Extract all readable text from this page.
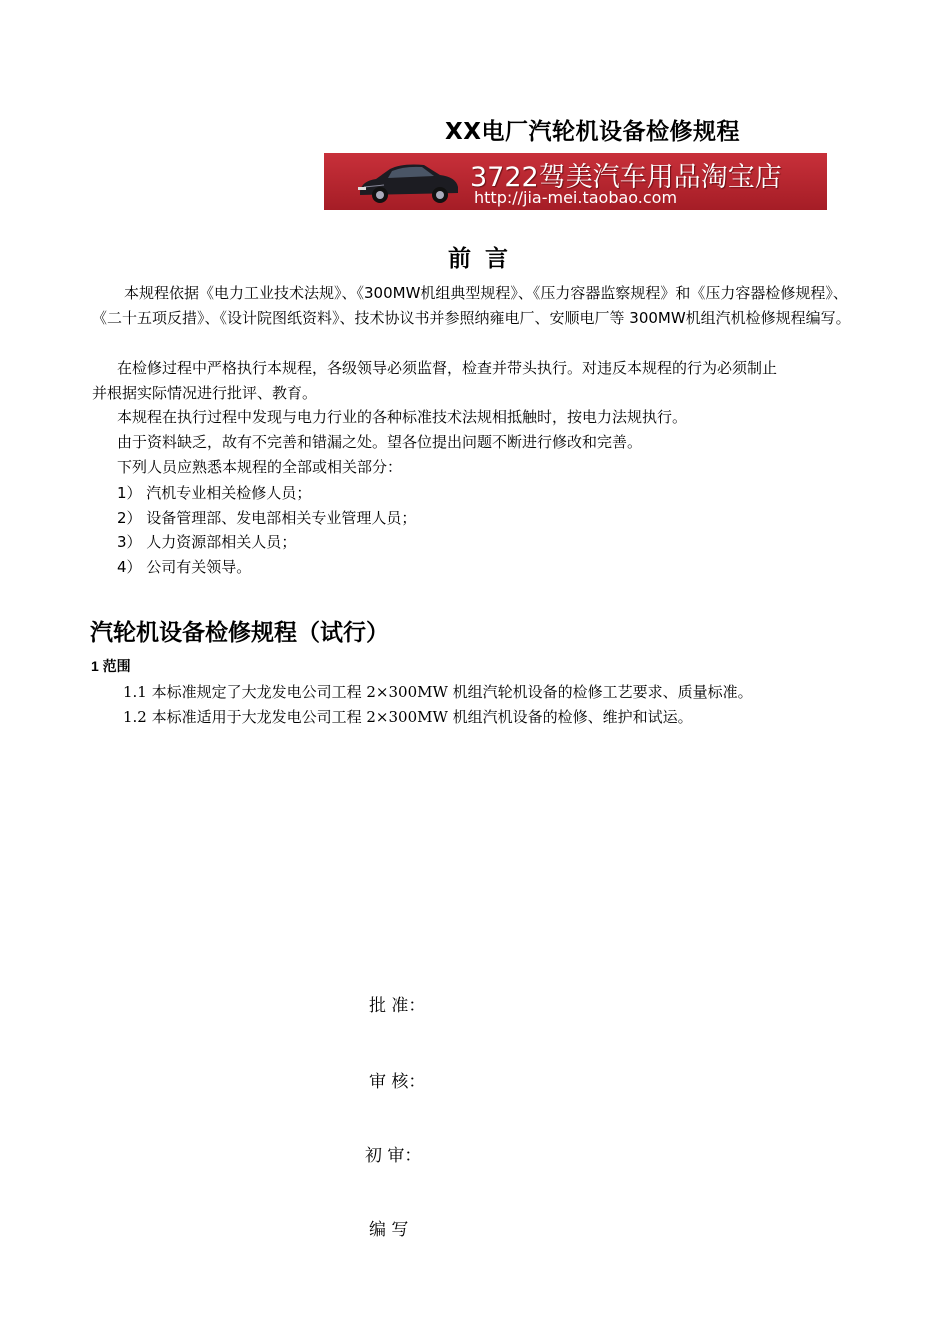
XX电厂汽轮机设备检修规程
3722驾美汽车用品淘宝店
http://jia-mei.taobao.com
前言
本规程依据《电力工业技术法规》、《300MW机组典型规程》、《压力容器监察规程》和《压力容器检修规程》、《二十五项反措》、《设计院图纸资料》、技术协议书并参照纳雍电厂、安顺电厂等 300MW机组汽机检修规程编写。
在检修过程中严格执行本规程，各级领导必须监督，检查并带头执行。对违反本规程的行为必须制止
并根据实际情况进行批评、教育。
本规程在执行过程中发现与电力行业的各种标准技术法规相抵触时，按电力法规执行。
由于资料缺乏，故有不完善和错漏之处。望各位提出问题不断进行修改和完善。
下列人员应熟悉本规程的全部或相关部分：
1） 汽机专业相关检修人员；
2） 设备管理部、发电部相关专业管理人员；
3） 人力资源部相关人员；
4） 公司有关领导。
汽轮机设备检修规程（试行）
1 范围
1.1 本标准规定了大龙发电公司工程 2×300MW 机组汽轮机设备的检修工艺要求、质量标准。
1.2 本标准适用于大龙发电公司工程 2×300MW 机组汽机设备的检修、维护和试运。
批 准：
审 核：
初 审：
编 写
